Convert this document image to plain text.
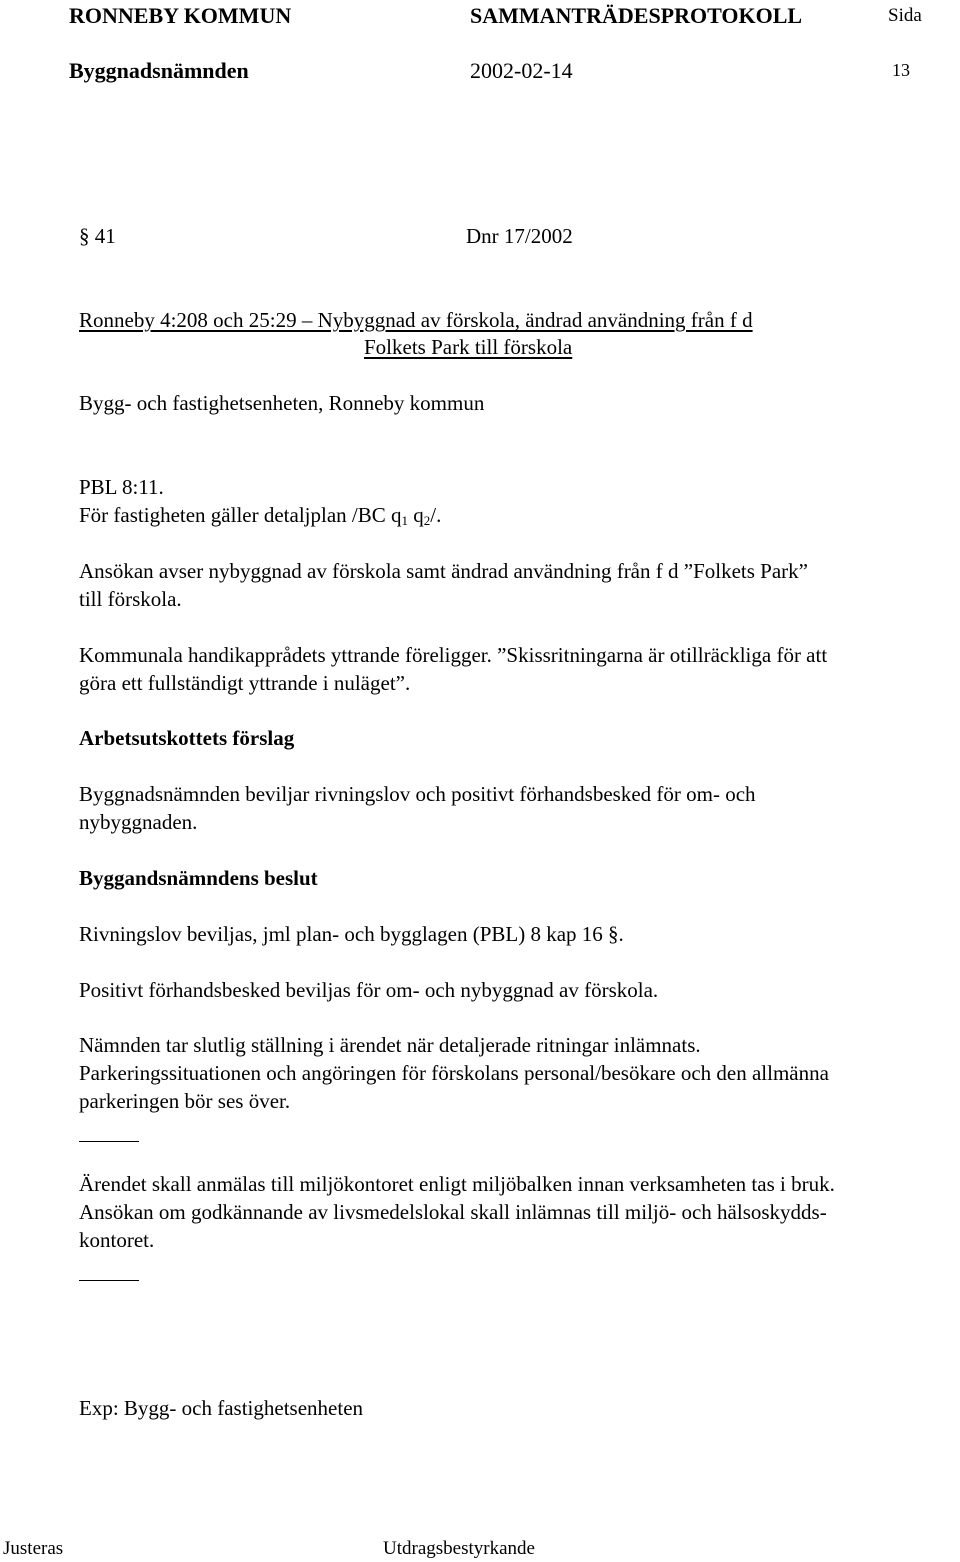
RONNEBY KOMMUN	SAMMANTRÄDESPROTOKOLL	Sida
Byggnadsnämnden	2002-02-14	13
§ 41	Dnr 17/2002
Ronneby 4:208 och 25:29 – Nybyggnad av förskola, ändrad användning från f d
Folkets Park till förskola
Bygg- och fastighetsenheten, Ronneby kommun
PBL 8:11.
För fastigheten gäller detaljplan /BC $q_1$ $q_2/$.
Ansökan avser nybyggnad av förskola samt ändrad användning från f d ”Folkets Park”
till förskola.
Kommunala handikapprådets yttrande föreligger. ”Skissritningarna är otillräckliga för att
göra ett fullständigt yttrande i nuläget”.
Arbetsutskottets förslag
Byggnadsnämnden beviljar rivningslov och positivt förhandsbesked för om- och
nybyggnaden.
Byggandsnämndens beslut
Rivningslov beviljas, jml plan- och bygglagen (PBL) 8 kap 16 §.
Positivt förhandsbesked beviljas för om- och nybyggnad av förskola.
Nämnden tar slutlig ställning i ärendet när detaljerade ritningar inlämnats.
Parkeringssituationen och angöringen för förskolans personal/besökare och den allmänna
parkeringen bör ses över.
Ärendet skall anmälas till miljökontoret enligt miljöbalken innan verksamheten tas i bruk.
Ansökan om godkännande av livsmedelslokal skall inlämnas till miljö- och hälsoskydds-
kontoret.
Exp: Bygg- och fastighetsenheten
Justeras	Utdragsbestyrkande
